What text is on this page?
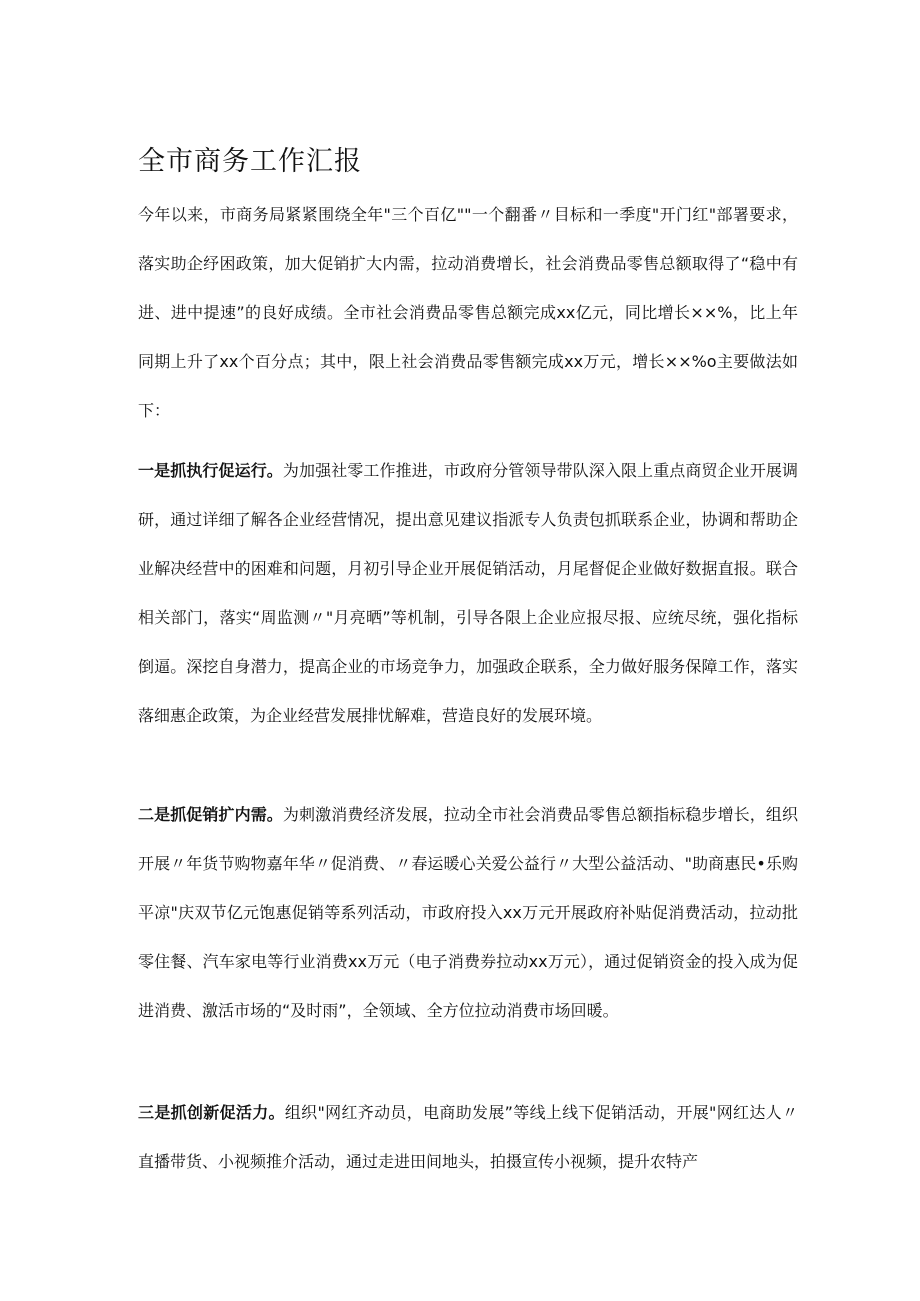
全市商务工作汇报

今年以来，市商务局紧紧围绕全年"三个百亿""一个翻番〃目标和一季度"开门红"部署要求，落实助企纾困政策，加大促销扩大内需，拉动消费增长，社会消费品零售总额取得了“稳中有进、进中提速”的良好成绩。全市社会消费品零售总额完成xx亿元，同比增长××%，比上年同期上升了xx个百分点；其中，限上社会消费品零售额完成xx万元，增长××%o主要做法如下：

一是抓执行促运行。为加强社零工作推进，市政府分管领导带队深入限上重点商贸企业开展调研，通过详细了解各企业经营情况，提出意见建议指派专人负责包抓联系企业，协调和帮助企业解决经营中的困难和问题，月初引导企业开展促销活动，月尾督促企业做好数据直报。联合相关部门，落实“周监测〃"月亮晒”等机制，引导各限上企业应报尽报、应统尽统，强化指标倒逼。深挖自身潜力，提高企业的市场竞争力，加强政企联系，全力做好服务保障工作，落实落细惠企政策，为企业经营发展排忧解难，营造良好的发展环境。

二是抓促销扩内需。为刺激消费经济发展，拉动全市社会消费品零售总额指标稳步增长，组织开展〃年货节购物嘉年华〃促消费、〃春运暖心关爱公益行〃大型公益活动、"助商惠民•乐购平凉"庆双节亿元饱惠促销等系列活动，市政府投入xx万元开展政府补贴促消费活动，拉动批零住餐、汽车家电等行业消费xx万元（电子消费券拉动xx万元），通过促销资金的投入成为促进消费、激活市场的“及时雨”，全领域、全方位拉动消费市场回暖。

三是抓创新促活力。组织"网红齐动员，电商助发展”等线上线下促销活动，开展"网红达人〃直播带货、小视频推介活动，通过走进田间地头，拍摄宣传小视频，提升农特产
